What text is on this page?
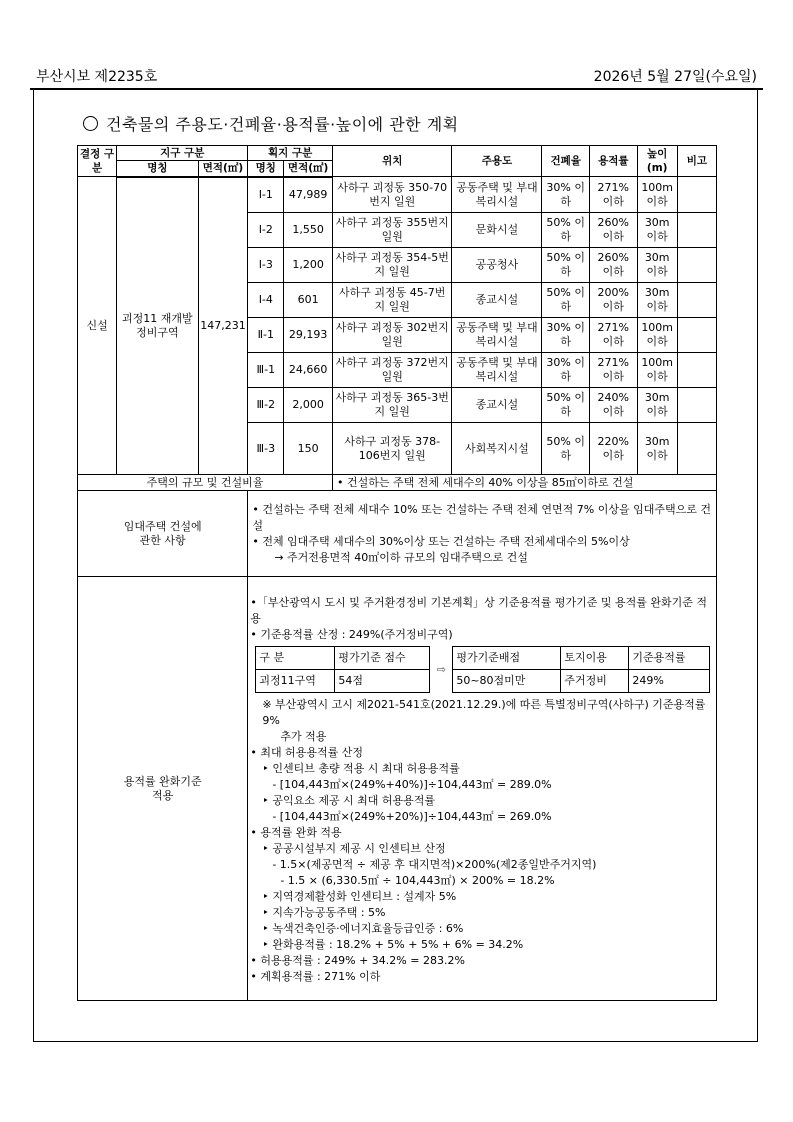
부산시보 제2235호	2026년 5월 27일(수요일)
건축물의 주용도·건폐율·용적률·높이에 관한 계획
결정 구분	지구 구분	획지 구분	위치	주용도	건폐율	용적률	높이 (m)	비고
명칭	면적(㎡)	명칭	면적(㎡)
신설	괴정11 재개발 정비구역	147,231	Ⅰ-1	47,989	사하구 괴정동 350-70번지 일원	공동주택 및 부대복리시설	30% 이하	271% 이하	100m 이하	
Ⅰ-2	1,550	사하구 괴정동 355번지 일원	문화시설	50% 이하	260% 이하	30m 이하	
Ⅰ-3	1,200	사하구 괴정동 354-5번지 일원	공공청사	50% 이하	260% 이하	30m 이하	
Ⅰ-4	601	사하구 괴정동 45-7번지 일원	종교시설	50% 이하	200% 이하	30m 이하	
Ⅱ-1	29,193	사하구 괴정동 302번지 일원	공동주택 및 부대복리시설	30% 이하	271% 이하	100m 이하	
Ⅲ-1	24,660	사하구 괴정동 372번지 일원	공동주택 및 부대복리시설	30% 이하	271% 이하	100m 이하	
Ⅲ-2	2,000	사하구 괴정동 365-3번지 일원	종교시설	50% 이하	240% 이하	30m 이하	
Ⅲ-3	150	사하구 괴정동 378-106번지 일원	사회복지시설	50% 이하	220% 이하	30m 이하	
주택의 규모 및 건설비율	• 건설하는 주택 전체 세대수의 40% 이상을 85㎡이하로 건설

임대주택 건설에 관한 사항

• 건설하는 주택 전체 세대수 10% 또는 건설하는 주택 전체 연면적 7% 이상을 임대주택으로 건설
• 전체 임대주택 세대수의 30%이상 또는 건설하는 주택 전체세대수의 5%이상
→ 주거전용면적 40㎡이하 규모의 임대주택으로 건설

용적률 완화기준 적용

•「부산광역시 도시 및 주거환경정비 기본계획」상 기준용적률 평가기준 및 용적률 완화기준 적용
• 기준용적률 산정 : 249%(주거정비구역)
구 분	평가기준 점수
괴정11구역	54점
⇨
평가기준배점	토지이용	기준용적률
50~80점미만	주거정비	249%
※ 부산광역시 고시 제2021-541호(2021.12.29.)에 따른 특별정비구역(사하구) 기준용적률 9%
추가 적용
• 최대 허용용적률 산정
‣ 인센티브 총량 적용 시 최대 허용용적률
- [104,443㎡×(249%+40%)]÷104,443㎡ = 289.0%
‣ 공익요소 제공 시 최대 허용용적률
- [104,443㎡×(249%+20%)]÷104,443㎡ = 269.0%
• 용적률 완화 적용
‣ 공공시설부지 제공 시 인센티브 산정
- 1.5×(제공면적 ÷ 제공 후 대지면적)×200%(제2종일반주거지역)
- 1.5 × (6,330.5㎡ ÷ 104,443㎡) × 200% = 18.2%
‣ 지역경제활성화 인센티브 : 설계자 5%
‣ 지속가능공동주택 : 5%
‣ 녹색건축인증·에너지효율등급인증 : 6%
‣ 완화용적률 : 18.2% + 5% + 5% + 6% = 34.2%
• 허용용적률 : 249% + 34.2% = 283.2%
• 계획용적률 : 271% 이하
